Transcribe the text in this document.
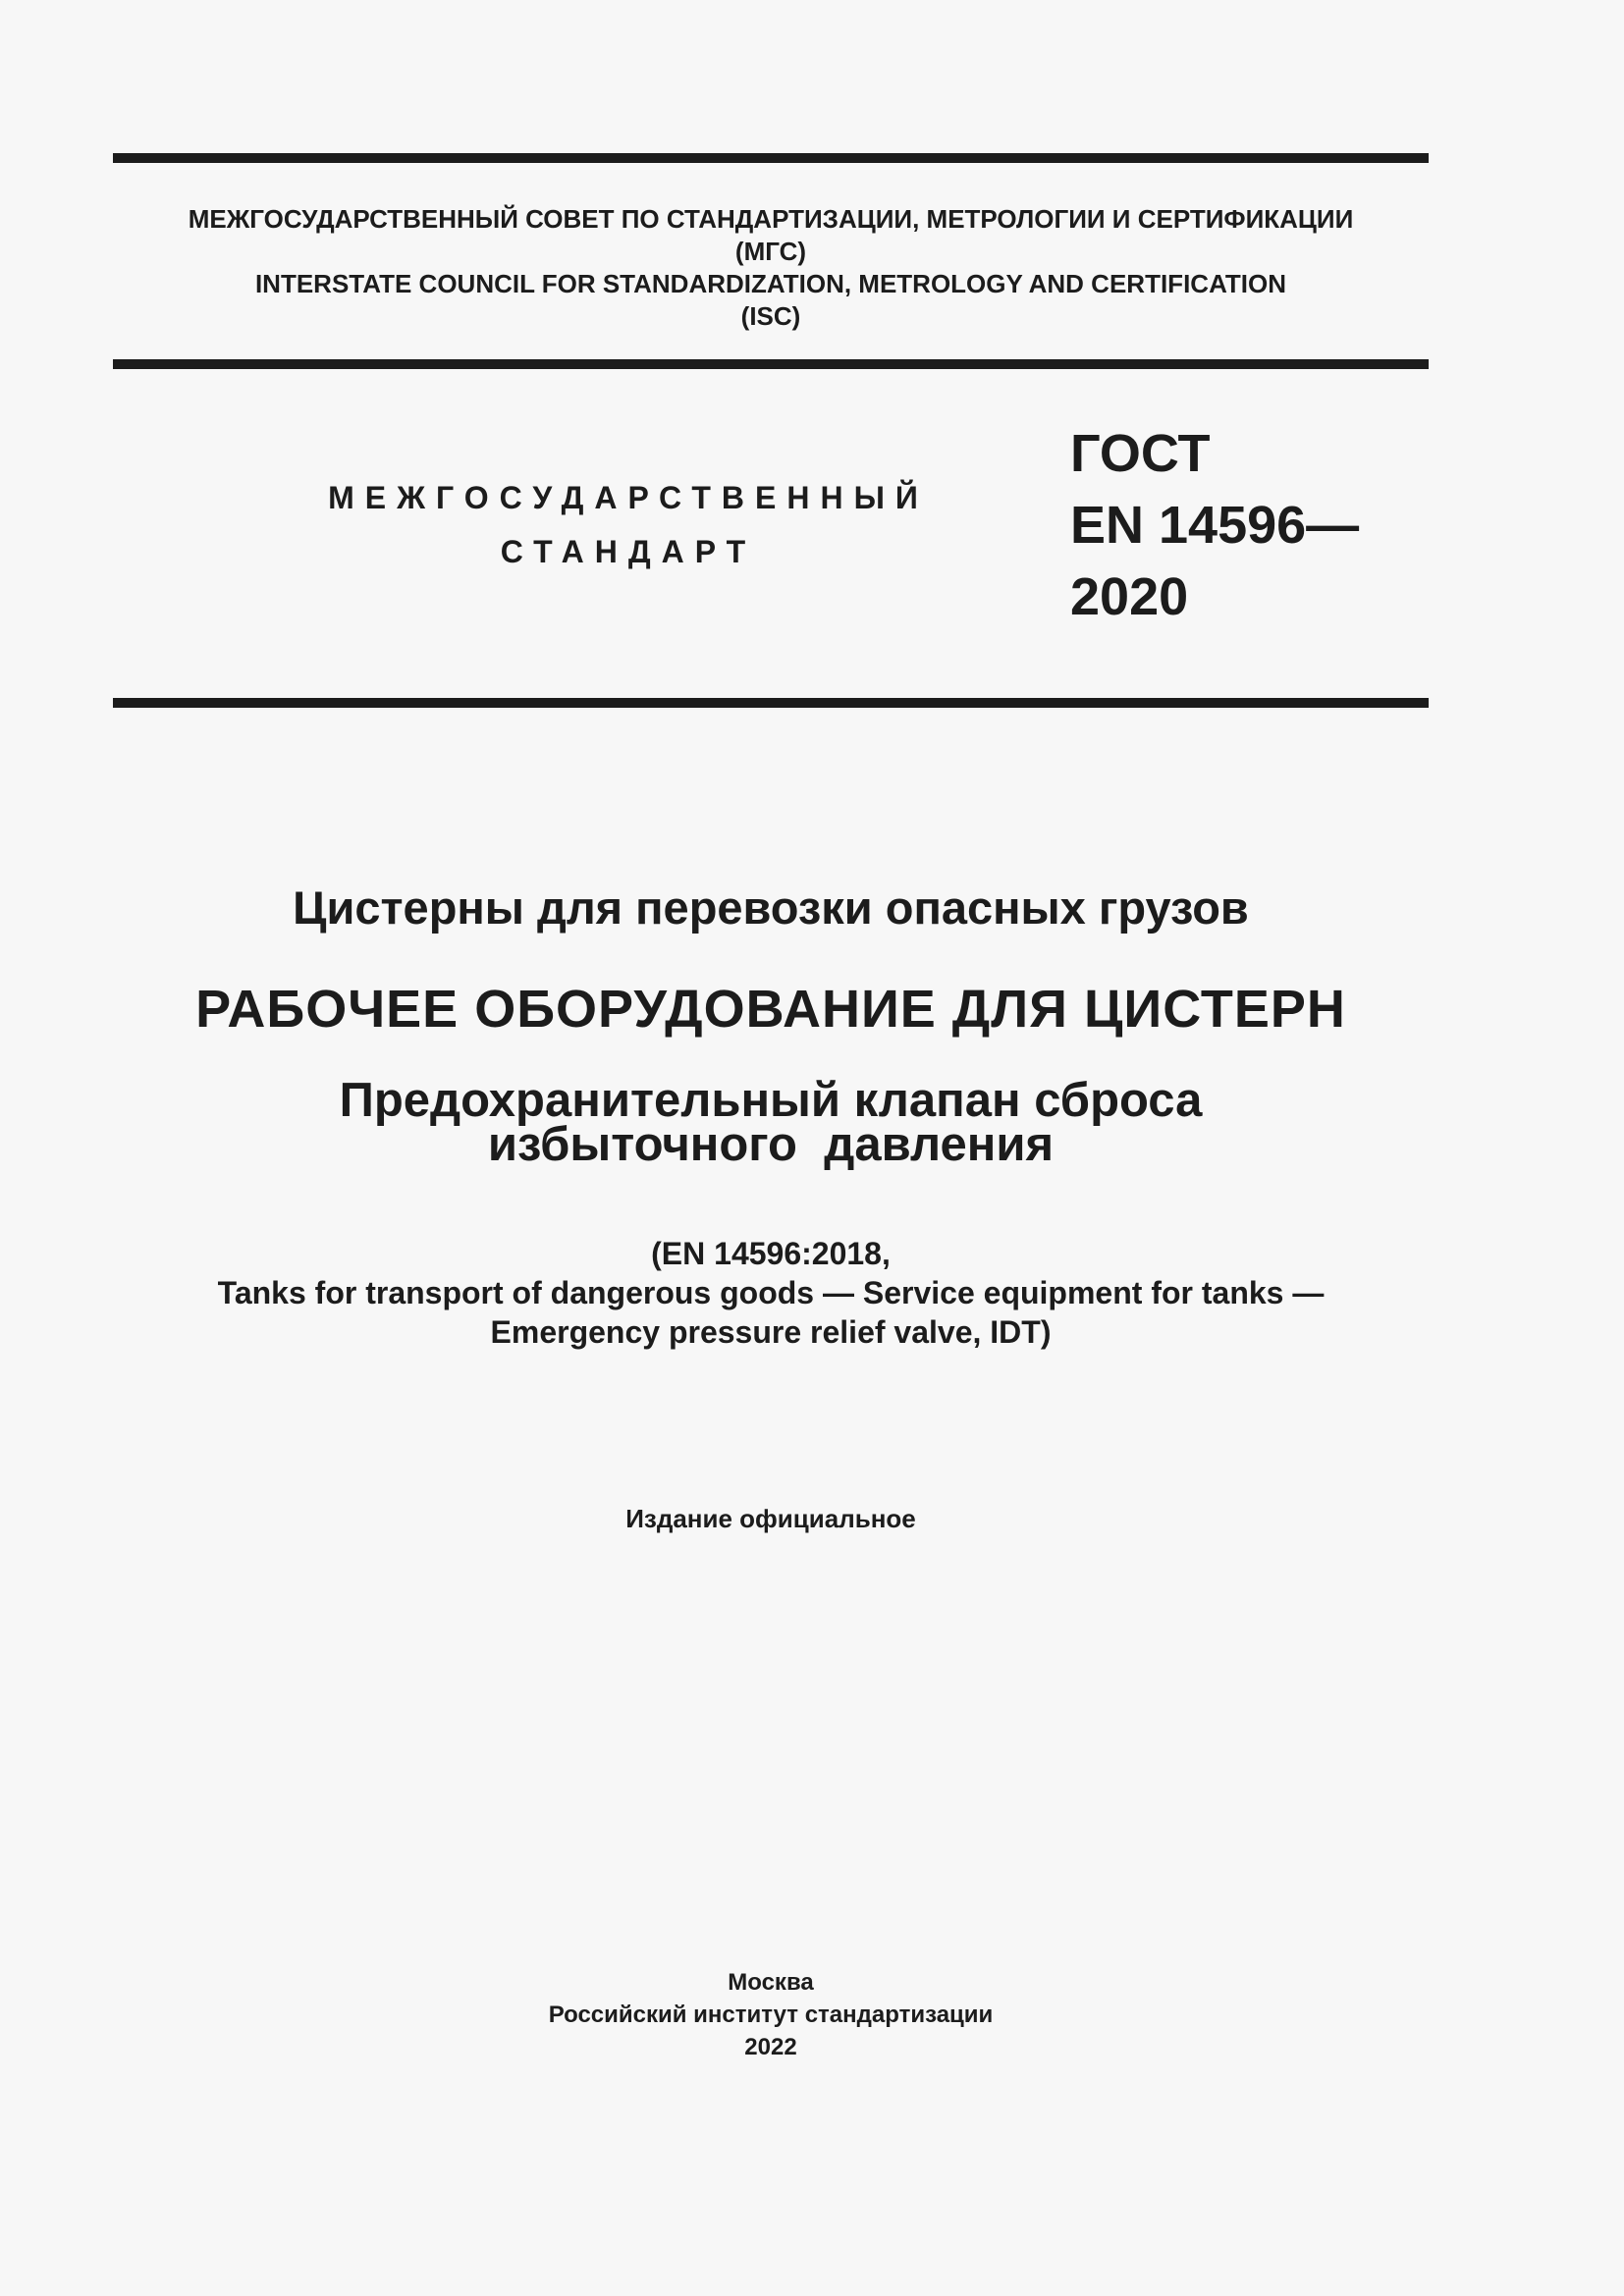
МЕЖГОСУДАРСТВЕННЫЙ СОВЕТ ПО СТАНДАРТИЗАЦИИ, МЕТРОЛОГИИ И СЕРТИФИКАЦИИ
(МГС)
INTERSTATE COUNCIL FOR STANDARDIZATION, METROLOGY AND CERTIFICATION
(ISC)
МЕЖГОСУДАРСТВЕННЫЙ
СТАНДАРТ
ГОСТ
EN 14596—
2020
Цистерны для перевозки опасных грузов
РАБОЧЕЕ ОБОРУДОВАНИЕ ДЛЯ ЦИСТЕРН
Предохранительный клапан сброса
избыточного  давления
(EN 14596:2018,
Tanks for transport of dangerous goods — Service equipment for tanks —
Emergency pressure relief valve, IDT)
Издание официальное
Москва
Российский институт стандартизации
2022
